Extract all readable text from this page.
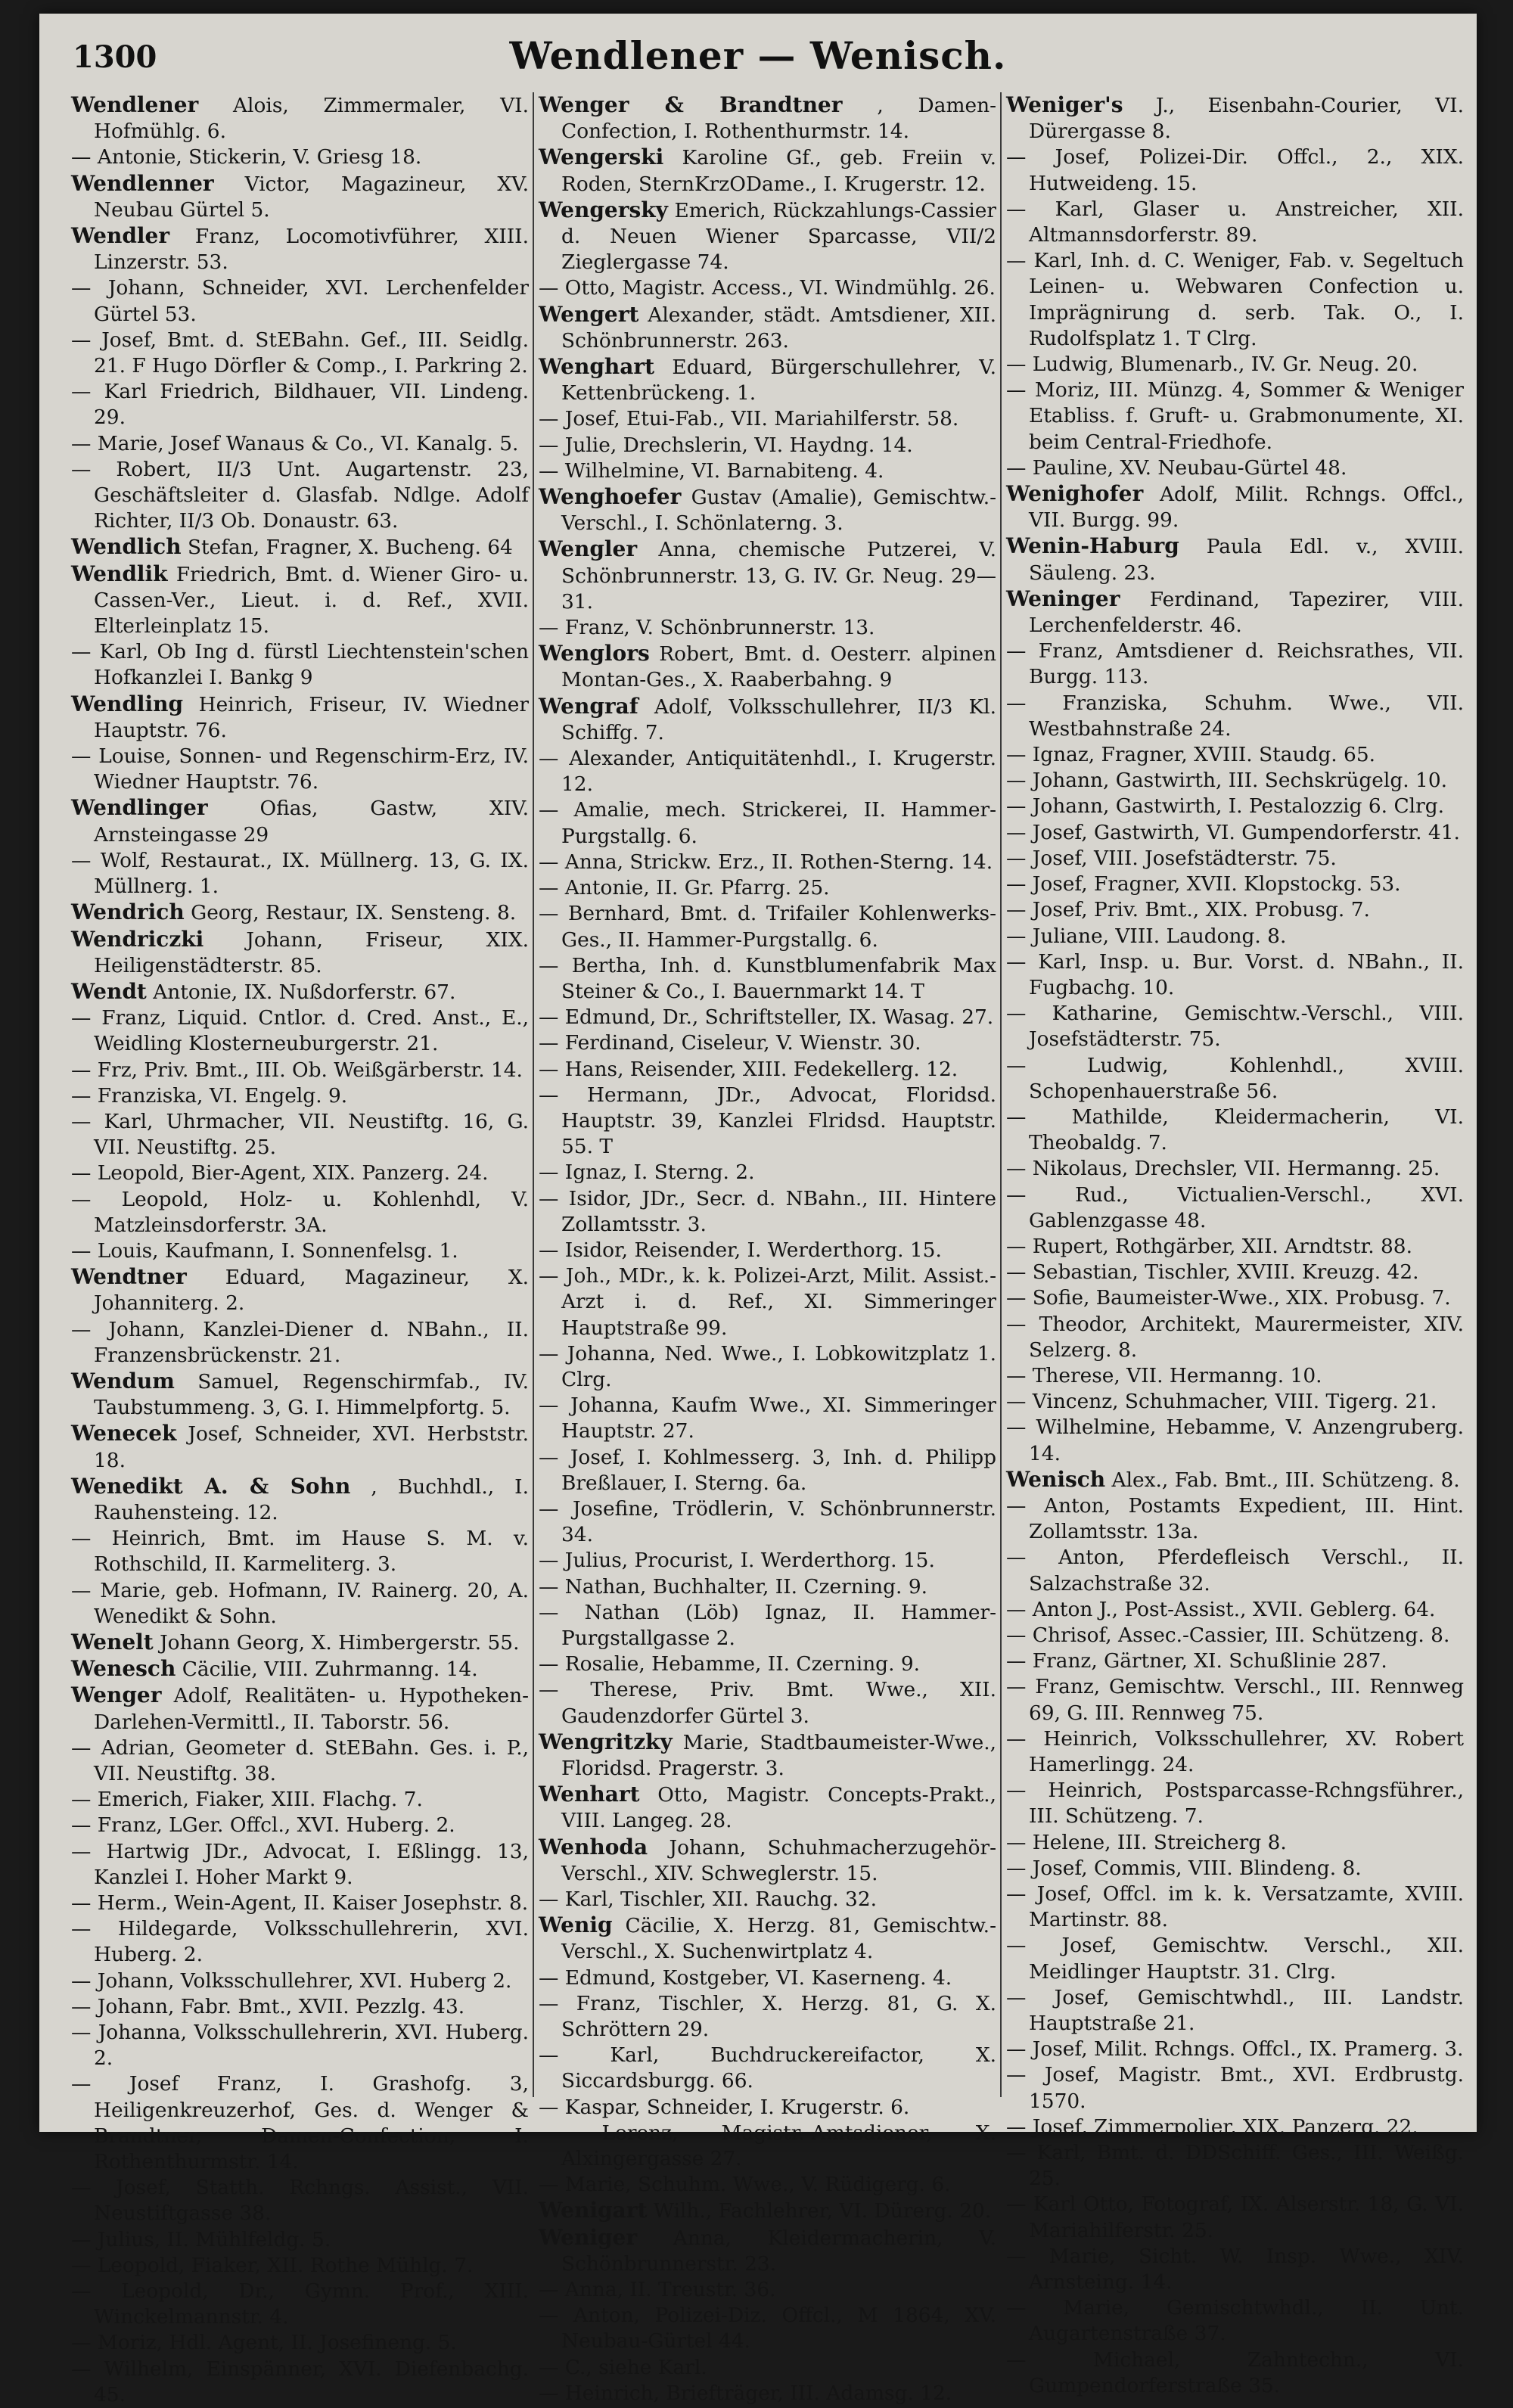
1300	Wendlener — Wenisch.

Wendlener Alois, Zimmermaler, VI. Hofmühlg. 6.

— Antonie, Stickerin, V. Griesg 18.

Wendlenner Victor, Magazineur, XV. Neubau Gürtel 5.

Wendler Franz, Locomotivführer, XIII. Linzerstr. 53.

— Johann, Schneider, XVI. Lerchenfelder Gürtel 53.

— Josef, Bmt. d. StEBahn. Gef., III. Seidlg. 21. F Hugo Dörfler & Comp., I. Parkring 2.

— Karl Friedrich, Bildhauer, VII. Lindeng. 29.

— Marie, Josef Wanaus & Co., VI. Kanalg. 5.

— Robert, II/3 Unt. Augartenstr. 23, Geschäftsleiter d. Glasfab. Ndlge. Adolf Richter, II/3 Ob. Donaustr. 63.

Wendlich Stefan, Fragner, X. Bucheng. 64

Wendlik Friedrich, Bmt. d. Wiener Giro- u. Cassen-Ver., Lieut. i. d. Ref., XVII. Elterleinplatz 15.

— Karl, Ob Ing d. fürstl Liechtenstein'schen Hofkanzlei I. Bankg 9

Wendling Heinrich, Friseur, IV. Wiedner Hauptstr. 76.

— Louise, Sonnen- und Regenschirm-Erz, IV. Wiedner Hauptstr. 76.

Wendlinger Ofias, Gastw, XIV. Arnsteingasse 29

— Wolf, Restaurat., IX. Müllnerg. 13, G. IX. Müllnerg. 1.

Wendrich Georg, Restaur, IX. Sensteng. 8.

Wendriczki Johann, Friseur, XIX. Heiligenstädterstr. 85.

Wendt Antonie, IX. Nußdorferstr. 67.

— Franz, Liquid. Cntlor. d. Cred. Anst., E., Weidling Klosterneuburgerstr. 21.

— Frz, Priv. Bmt., III. Ob. Weißgärberstr. 14.

— Franziska, VI. Engelg. 9.

— Karl, Uhrmacher, VII. Neustiftg. 16, G. VII. Neustiftg. 25.

— Leopold, Bier-Agent, XIX. Panzerg. 24.

— Leopold, Holz- u. Kohlenhdl, V. Matzleinsdorferstr. 3A.

— Louis, Kaufmann, I. Sonnenfelsg. 1.

Wendtner Eduard, Magazineur, X. Johanniterg. 2.

— Johann, Kanzlei-Diener d. NBahn., II. Franzensbrückenstr. 21.

Wendum Samuel, Regenschirmfab., IV. Taubstummeng. 3, G. I. Himmelpfortg. 5.

Wenecek Josef, Schneider, XVI. Herbststr. 18.

Wenedikt A. & Sohn , Buchhdl., I. Rauhensteing. 12.

— Heinrich, Bmt. im Hause S. M. v. Rothschild, II. Karmeliterg. 3.

— Marie, geb. Hofmann, IV. Rainerg. 20, A. Wenedikt & Sohn.

Wenelt Johann Georg, X. Himbergerstr. 55.

Wenesch Cäcilie, VIII. Zuhrmanng. 14.

Wenger Adolf, Realitäten- u. Hypotheken-Darlehen-Vermittl., II. Taborstr. 56.

— Adrian, Geometer d. StEBahn. Ges. i. P., VII. Neustiftg. 38.

— Emerich, Fiaker, XIII. Flachg. 7.

— Franz, LGer. Offcl., XVI. Huberg. 2.

— Hartwig JDr., Advocat, I. Eßlingg. 13, Kanzlei I. Hoher Markt 9.

— Herm., Wein-Agent, II. Kaiser Josephstr. 8.

— Hildegarde, Volksschullehrerin, XVI. Huberg. 2.

— Johann, Volksschullehrer, XVI. Huberg 2.

— Johann, Fabr. Bmt., XVII. Pezzlg. 43.

— Johanna, Volksschullehrerin, XVI. Huberg. 2.

— Josef Franz, I. Grashofg. 3, Heiligenkreuzerhof, Ges. d. Wenger & Brandtner, Damen-Confection, I. Rothenthurmstr. 14.

— Josef, Statth. Rchngs. Assist., VII. Neustiftgasse 38.

— Julius, II. Mühlfeldg. 5.

— Leopold, Fiaker, XII. Rothe Mühlg. 7.

— Leopold, Dr., Gymn. Prof., XIII. Winckelmannstr. 4.

— Moriz, Hdl. Agent, II. Josefineng. 5.

— Wilhelm, Einspänner, XVI. Diefenbachg. 45.

Wenger & Brandtner , Damen-Confection, I. Rothenthurmstr. 14.

Wengerski Karoline Gf., geb. Freiin v. Roden, SternKrzODame., I. Krugerstr. 12.

Wengersky Emerich, Rückzahlungs-Cassier d. Neuen Wiener Sparcasse, VII/2 Zieglergasse 74.

— Otto, Magistr. Access., VI. Windmühlg. 26.

Wengert Alexander, städt. Amtsdiener, XII. Schönbrunnerstr. 263.

Wenghart Eduard, Bürgerschullehrer, V. Kettenbrückeng. 1.

— Josef, Etui-Fab., VII. Mariahilferstr. 58.

— Julie, Drechslerin, VI. Haydng. 14.

— Wilhelmine, VI. Barnabiteng. 4.

Wenghoefer Gustav (Amalie), Gemischtw.-Verschl., I. Schönlaterng. 3.

Wengler Anna, chemische Putzerei, V. Schönbrunnerstr. 13, G. IV. Gr. Neug. 29—31.

— Franz, V. Schönbrunnerstr. 13.

Wenglors Robert, Bmt. d. Oesterr. alpinen Montan-Ges., X. Raaberbahng. 9

Wengraf Adolf, Volksschullehrer, II/3 Kl. Schiffg. 7.

— Alexander, Antiquitätenhdl., I. Krugerstr. 12.

— Amalie, mech. Strickerei, II. Hammer-Purgstallg. 6.

— Anna, Strickw. Erz., II. Rothen-Sterng. 14.

— Antonie, II. Gr. Pfarrg. 25.

— Bernhard, Bmt. d. Trifailer Kohlenwerks-Ges., II. Hammer-Purgstallg. 6.

— Bertha, Inh. d. Kunstblumenfabrik Max Steiner & Co., I. Bauernmarkt 14. T

— Edmund, Dr., Schriftsteller, IX. Wasag. 27.

— Ferdinand, Ciseleur, V. Wienstr. 30.

— Hans, Reisender, XIII. Fedekellerg. 12.

— Hermann, JDr., Advocat, Floridsd. Hauptstr. 39, Kanzlei Flridsd. Hauptstr. 55. T

— Ignaz, I. Sterng. 2.

— Isidor, JDr., Secr. d. NBahn., III. Hintere Zollamtsstr. 3.

— Isidor, Reisender, I. Werderthorg. 15.

— Joh., MDr., k. k. Polizei-Arzt, Milit. Assist.-Arzt i. d. Ref., XI. Simmeringer Hauptstraße 99.

— Johanna, Ned. Wwe., I. Lobkowitzplatz 1. Clrg.

— Johanna, Kaufm Wwe., XI. Simmeringer Hauptstr. 27.

— Josef, I. Kohlmesserg. 3, Inh. d. Philipp Breßlauer, I. Sterng. 6a.

— Josefine, Trödlerin, V. Schönbrunnerstr. 34.

— Julius, Procurist, I. Werderthorg. 15.

— Nathan, Buchhalter, II. Czerning. 9.

— Nathan (Löb) Ignaz, II. Hammer-Purgstallgasse 2.

— Rosalie, Hebamme, II. Czerning. 9.

— Therese, Priv. Bmt. Wwe., XII. Gaudenzdorfer Gürtel 3.

Wengritzky Marie, Stadtbaumeister-Wwe., Floridsd. Pragerstr. 3.

Wenhart Otto, Magistr. Concepts-Prakt., VIII. Langeg. 28.

Wenhoda Johann, Schuhmacherzugehör-Verschl., XIV. Schweglerstr. 15.

— Karl, Tischler, XII. Rauchg. 32.

Wenig Cäcilie, X. Herzg. 81, Gemischtw.-Verschl., X. Suchenwirtplatz 4.

— Edmund, Kostgeber, VI. Kaserneng. 4.

— Franz, Tischler, X. Herzg. 81, G. X. Schröttern 29.

— Karl, Buchdruckereifactor, X. Siccardsburgg. 66.

— Kaspar, Schneider, I. Krugerstr. 6.

— Lorenz, Magistr.-Amtsdiener, X. Alxingergasse 27.

— Marie, Schuhm. Wwe., V. Rüdigerg. 6.

Wenigart Wilh., Fachlehrer, VI. Dürerg. 20.

Weniger Anna, Kleidermacherin, V. Schönbrunnerstr. 23.

— Anna, II. Treustr. 36.

— Anton, Polizei-Diz. Offcl., M 1864, XV. Neubau-Gürtel 44.

— C., siehe Karl.

— Heinrich, Briefträger, III. Adamsg. 12.

Weniger's J., Eisenbahn-Courier, VI. Dürergasse 8.

— Josef, Polizei-Dir. Offcl., 2., XIX. Hutweideng. 15.

— Karl, Glaser u. Anstreicher, XII. Altmannsdorferstr. 89.

— Karl, Inh. d. C. Weniger, Fab. v. Segeltuch Leinen- u. Webwaren Confection u. Imprägnirung d. serb. Tak. O., I. Rudolfsplatz 1. T Clrg.

— Ludwig, Blumenarb., IV. Gr. Neug. 20.

— Moriz, III. Münzg. 4, Sommer & Weniger Etabliss. f. Gruft- u. Grabmonumente, XI. beim Central-Friedhofe.

— Pauline, XV. Neubau-Gürtel 48.

Wenighofer Adolf, Milit. Rchngs. Offcl., VII. Burgg. 99.

Wenin-Haburg Paula Edl. v., XVIII. Säuleng. 23.

Weninger Ferdinand, Tapezirer, VIII. Lerchenfelderstr. 46.

— Franz, Amtsdiener d. Reichsrathes, VII. Burgg. 113.

— Franziska, Schuhm. Wwe., VII. Westbahnstraße 24.

— Ignaz, Fragner, XVIII. Staudg. 65.

— Johann, Gastwirth, III. Sechskrügelg. 10.

— Johann, Gastwirth, I. Pestalozzig 6. Clrg.

— Josef, Gastwirth, VI. Gumpendorferstr. 41.

— Josef, VIII. Josefstädterstr. 75.

— Josef, Fragner, XVII. Klopstockg. 53.

— Josef, Priv. Bmt., XIX. Probusg. 7.

— Juliane, VIII. Laudong. 8.

— Karl, Insp. u. Bur. Vorst. d. NBahn., II. Fugbachg. 10.

— Katharine, Gemischtw.-Verschl., VIII. Josefstädterstr. 75.

— Ludwig, Kohlenhdl., XVIII. Schopenhauerstraße 56.

— Mathilde, Kleidermacherin, VI. Theobaldg. 7.

— Nikolaus, Drechsler, VII. Hermanng. 25.

— Rud., Victualien-Verschl., XVI. Gablenzgasse 48.

— Rupert, Rothgärber, XII. Arndtstr. 88.

— Sebastian, Tischler, XVIII. Kreuzg. 42.

— Sofie, Baumeister-Wwe., XIX. Probusg. 7.

— Theodor, Architekt, Maurermeister, XIV. Selzerg. 8.

— Therese, VII. Hermanng. 10.

— Vincenz, Schuhmacher, VIII. Tigerg. 21.

— Wilhelmine, Hebamme, V. Anzengruberg. 14.

Wenisch Alex., Fab. Bmt., III. Schützeng. 8.

— Anton, Postamts Expedient, III. Hint. Zollamtsstr. 13a.

— Anton, Pferdefleisch Verschl., II. Salzachstraße 32.

— Anton J., Post-Assist., XVII. Geblerg. 64.

— Chrisof, Assec.-Cassier, III. Schützeng. 8.

— Franz, Gärtner, XI. Schußlinie 287.

— Franz, Gemischtw. Verschl., III. Rennweg 69, G. III. Rennweg 75.

— Heinrich, Volksschullehrer, XV. Robert Hamerlingg. 24.

— Heinrich, Postsparcasse-Rchngsführer., III. Schützeng. 7.

— Helene, III. Streicherg 8.

— Josef, Commis, VIII. Blindeng. 8.

— Josef, Offcl. im k. k. Versatzamte, XVIII. Martinstr. 88.

— Josef, Gemischtw. Verschl., XII. Meidlinger Hauptstr. 31. Clrg.

— Josef, Gemischtwhdl., III. Landstr. Hauptstraße 21.

— Josef, Milit. Rchngs. Offcl., IX. Pramerg. 3.

— Josef, Magistr. Bmt., XVI. Erdbrustg. 1570.

— Josef, Zimmerpolier, XIX. Panzerg. 22.

— Karl, Bmt. d. DDSchiff. Ges., III. Weißg. 25.

— Karl Otto, Fotograf, IX. Alserstr. 18, G. VI. Mariahilferstr. 25.

— Marie, Sicht. W. Insp. Wwe., XIV. Arnsteing. 14.

— Marie, Gemischtwhdl., II. Unt. Augartenstraße 37.

— Michael, Zahntechn., VI. Gumpendorferstraße 35.
